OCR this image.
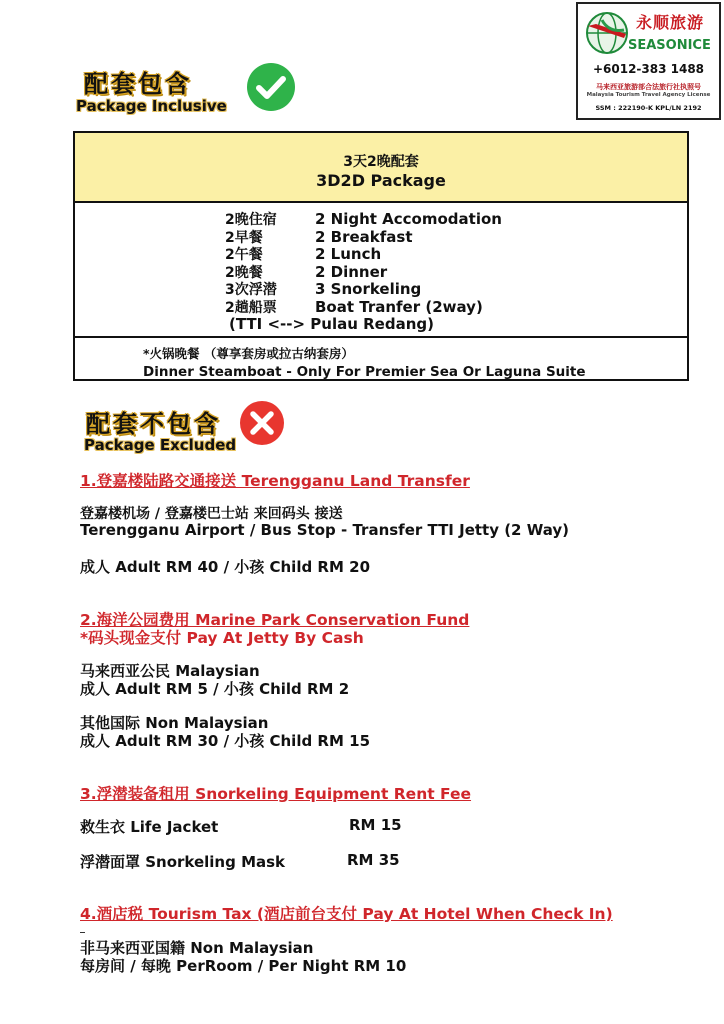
永顺旅游
SEASONICE
+6012-383 1488
马来西亚旅游部合法旅行社执照号
Malaysia Tourism Travel Agency License
SSM : 222190-K KPL/LN 2192
配套包含
Package Inclusive
3天2晚配套
3D2D Package
2晚住宿	2 Night Accomodation
2早餐	2 Breakfast
2午餐	2 Lunch
2晚餐	2 Dinner
3次浮潜	3 Snorkeling
2趟船票	Boat Tranfer (2way)
(TTI <--> Pulau Redang)
*火锅晚餐 （尊享套房或拉古纳套房）
Dinner Steamboat - Only For Premier Sea Or Laguna Suite
配套不包含
Package Excluded
1.登嘉楼陆路交通接送 Terengganu Land Transfer
登嘉楼机场 / 登嘉楼巴士站 来回码头 接送
Terengganu Airport / Bus Stop - Transfer TTI Jetty (2 Way)
成人 Adult RM 40 / 小孩 Child RM 20
2.海洋公园费用 Marine Park Conservation Fund
*码头现金支付 Pay At Jetty By Cash
马来西亚公民 Malaysian
成人 Adult RM 5 / 小孩 Child RM 2
其他国际 Non Malaysian
成人 Adult RM 30 / 小孩 Child RM 15
3.浮潜装备租用 Snorkeling Equipment Rent Fee
救生衣 Life Jacket	RM 15
浮潜面罩 Snorkeling Mask	RM 35
4.酒店税 Tourism Tax (酒店前台支付 Pay At Hotel When Check In)
非马来西亚国籍 Non Malaysian
每房间 / 每晚 PerRoom / Per Night RM 10
